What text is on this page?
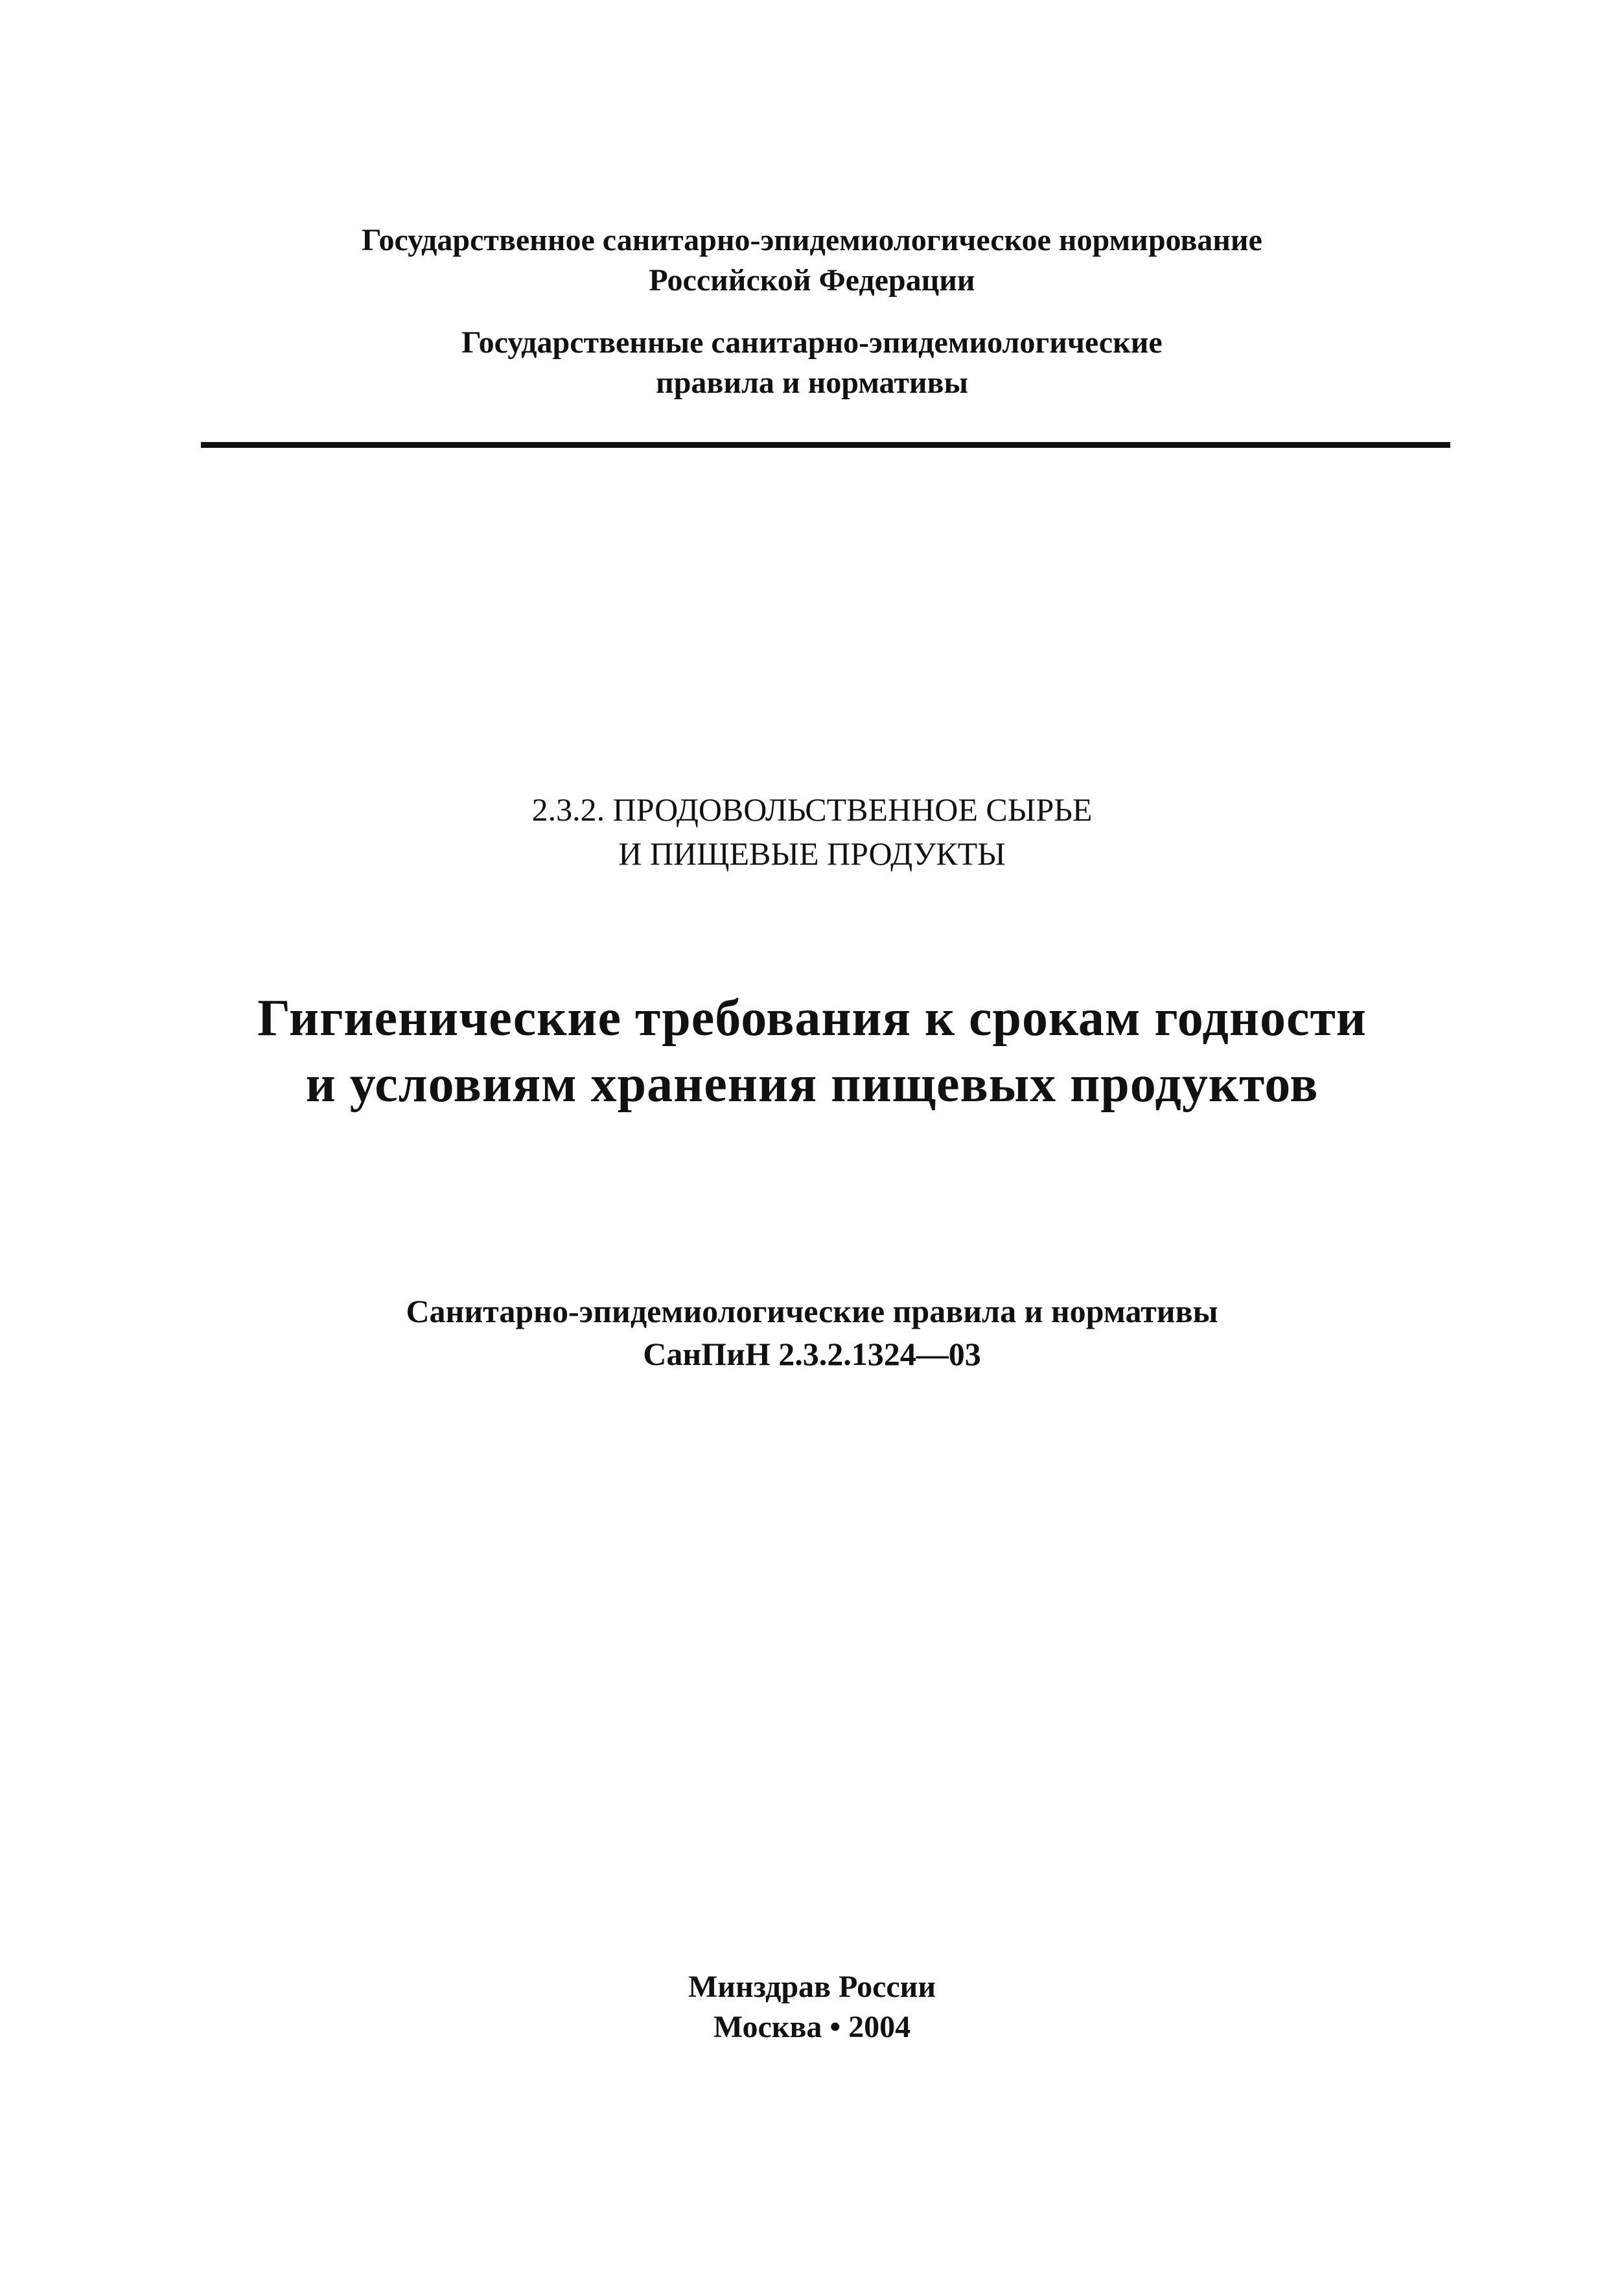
Государственное санитарно-эпидемиологическое нормирование
Российской Федерации
Государственные санитарно-эпидемиологические
правила и нормативы
2.3.2. ПРОДОВОЛЬСТВЕННОЕ СЫРЬЕ
И ПИЩЕВЫЕ ПРОДУКТЫ
Гигиенические требования к срокам годности
и условиям хранения пищевых продуктов
Санитарно-эпидемиологические правила и нормативы
СанПиН 2.3.2.1324—03
Минздрав России
Москва • 2004
